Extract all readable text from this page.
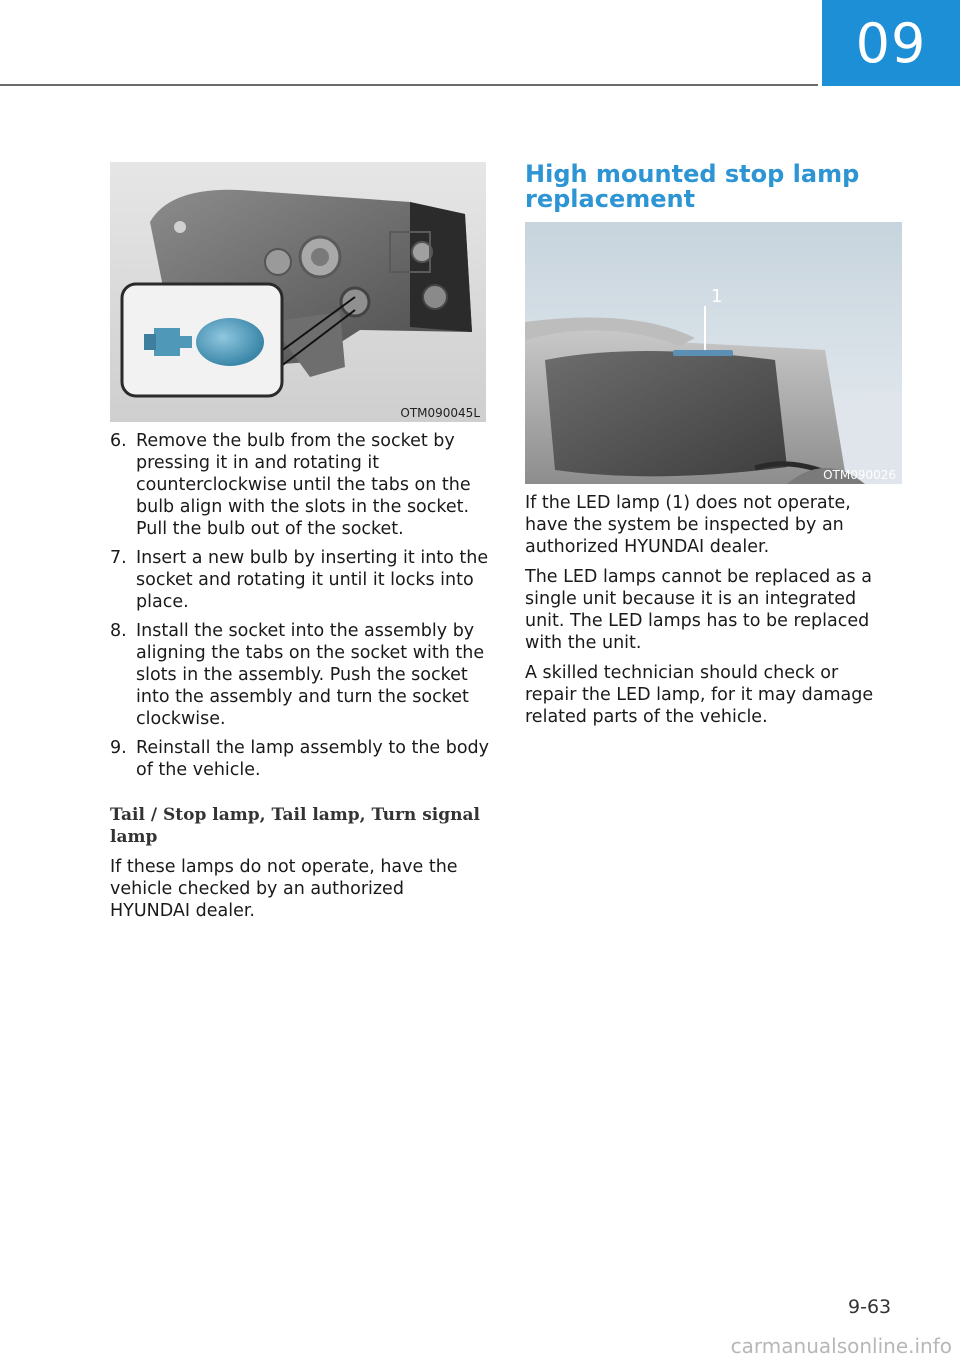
09
OTM090045L
6. Remove the bulb from the socket by pressing it in and rotating it counterclockwise until the tabs on the bulb align with the slots in the socket. Pull the bulb out of the socket.
7. Insert a new bulb by inserting it into the socket and rotating it until it locks into place.
8. Install the socket into the assembly by aligning the tabs on the socket with the slots in the assembly. Push the socket into the assembly and turn the socket clockwise.
9. Reinstall the lamp assembly to the body of the vehicle.
Tail / Stop lamp, Tail lamp, Turn signal lamp

If these lamps do not operate, have the vehicle checked by an authorized HYUNDAI dealer.

High mounted stop lamp replacement
1
OTM090026

If the LED lamp (1) does not operate, have the system be inspected by an authorized HYUNDAI dealer.

The LED lamps cannot be replaced as a single unit because it is an integrated unit. The LED lamps has to be replaced with the unit.

A skilled technician should check or repair the LED lamp, for it may damage related parts of the vehicle.

9-63
carmanualsonline.info
